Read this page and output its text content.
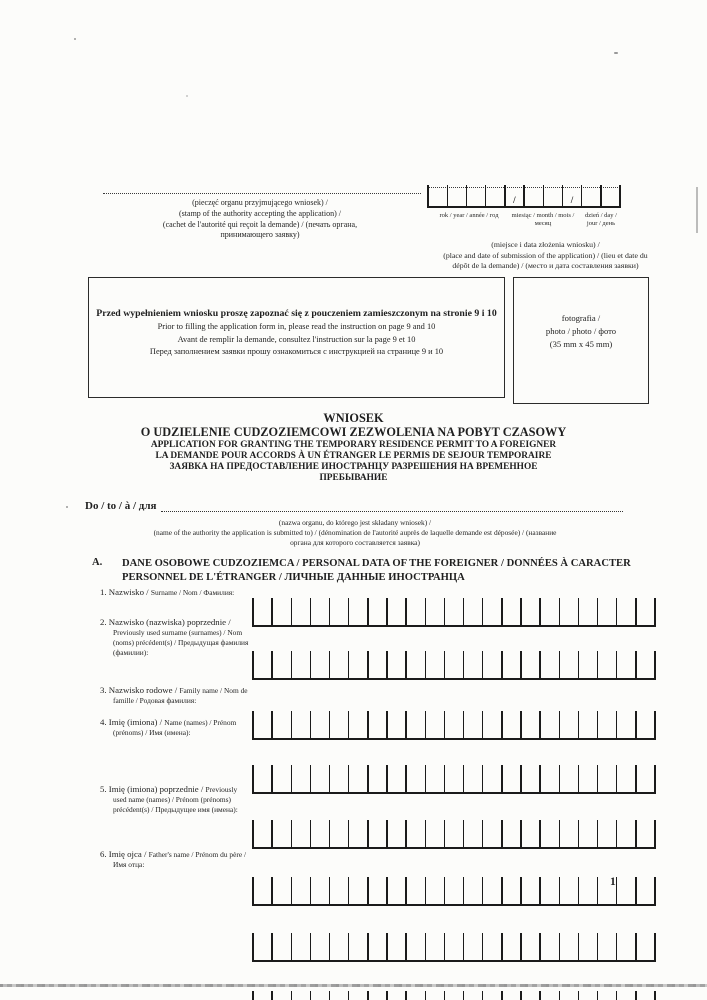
(pieczęć organu przyjmującego wniosek) /
(stamp of the authority accepting the application) /
(cachet de l'autorité qui reçoit la demande) / (печать органа,
принимающего заявку)
/	/
rok / year / année / год	miesiąc / month / mois / месяц
dzień / day / jour / день
(miejsce i data złożenia wniosku) /
(place and date of submission of the application) / (lieu et date du
dépôt de la demande) / (место и дата составления заявки)
Przed wypełnieniem wniosku proszę zapoznać się z pouczeniem zamieszczonym na stronie 9 i 10
Prior to filling the application form in, please read the instruction on page 9 and 10
Avant de remplir la demande, consultez l'instruction sur la page 9 et 10
Перед заполнением заявки прошу ознакомиться с инструкцией на странице 9 и 10
fotografia /
photo / photo / фото
(35 mm x 45 mm)
WNIOSEK
O UDZIELENIE CUDZOZIEMCOWI ZEZWOLENIA NA POBYT CZASOWY
APPLICATION FOR GRANTING THE TEMPORARY RESIDENCE PERMIT TO A FOREIGNER
LA DEMANDE POUR ACCORDS À UN ÉTRANGER LE PERMIS DE SEJOUR TEMPORAIRE
ЗАЯВКА НА ПРЕДОСТАВЛЕНИЕ ИНОСТРАНЦУ РАЗРЕШЕНИЯ НА ВРЕМЕННОЕ
ПРЕБЫВАНИЕ
Do / to / à / для
(nazwa organu, do którego jest składany wniosek) /
(name of the authority the application is submitted to) / (dénomination de l'autorité auprès de laquelle demande est déposée) / (название
органа для которого составляется заявка)
A. DANE OSOBOWE CUDZOZIEMCA / PERSONAL DATA OF THE FOREIGNER / DONNÉES À CARACTER PERSONNEL DE L'ÉTRANGER / ЛИЧНЫЕ ДАННЫЕ ИНОСТРАНЦА
1. Nazwisko / Surname / Nom / Фамилия:
2. Nazwisko (nazwiska) poprzednie / Previously used surname (surnames) / Nom (noms) précédent(s) / Предыдущая фамилия (фамилии):
3. Nazwisko rodowe / Family name / Nom de famille / Родовая фамилия:
4. Imię (imiona) / Name (names) / Prénom (prénoms) / Имя (имена):
5. Imię (imiona) poprzednie / Previously used name (names) / Prénom (prénoms) précédent(s) / Предыдущее имя (имена):
6. Imię ojca / Father's name / Prénom du père / Имя отца:
1
